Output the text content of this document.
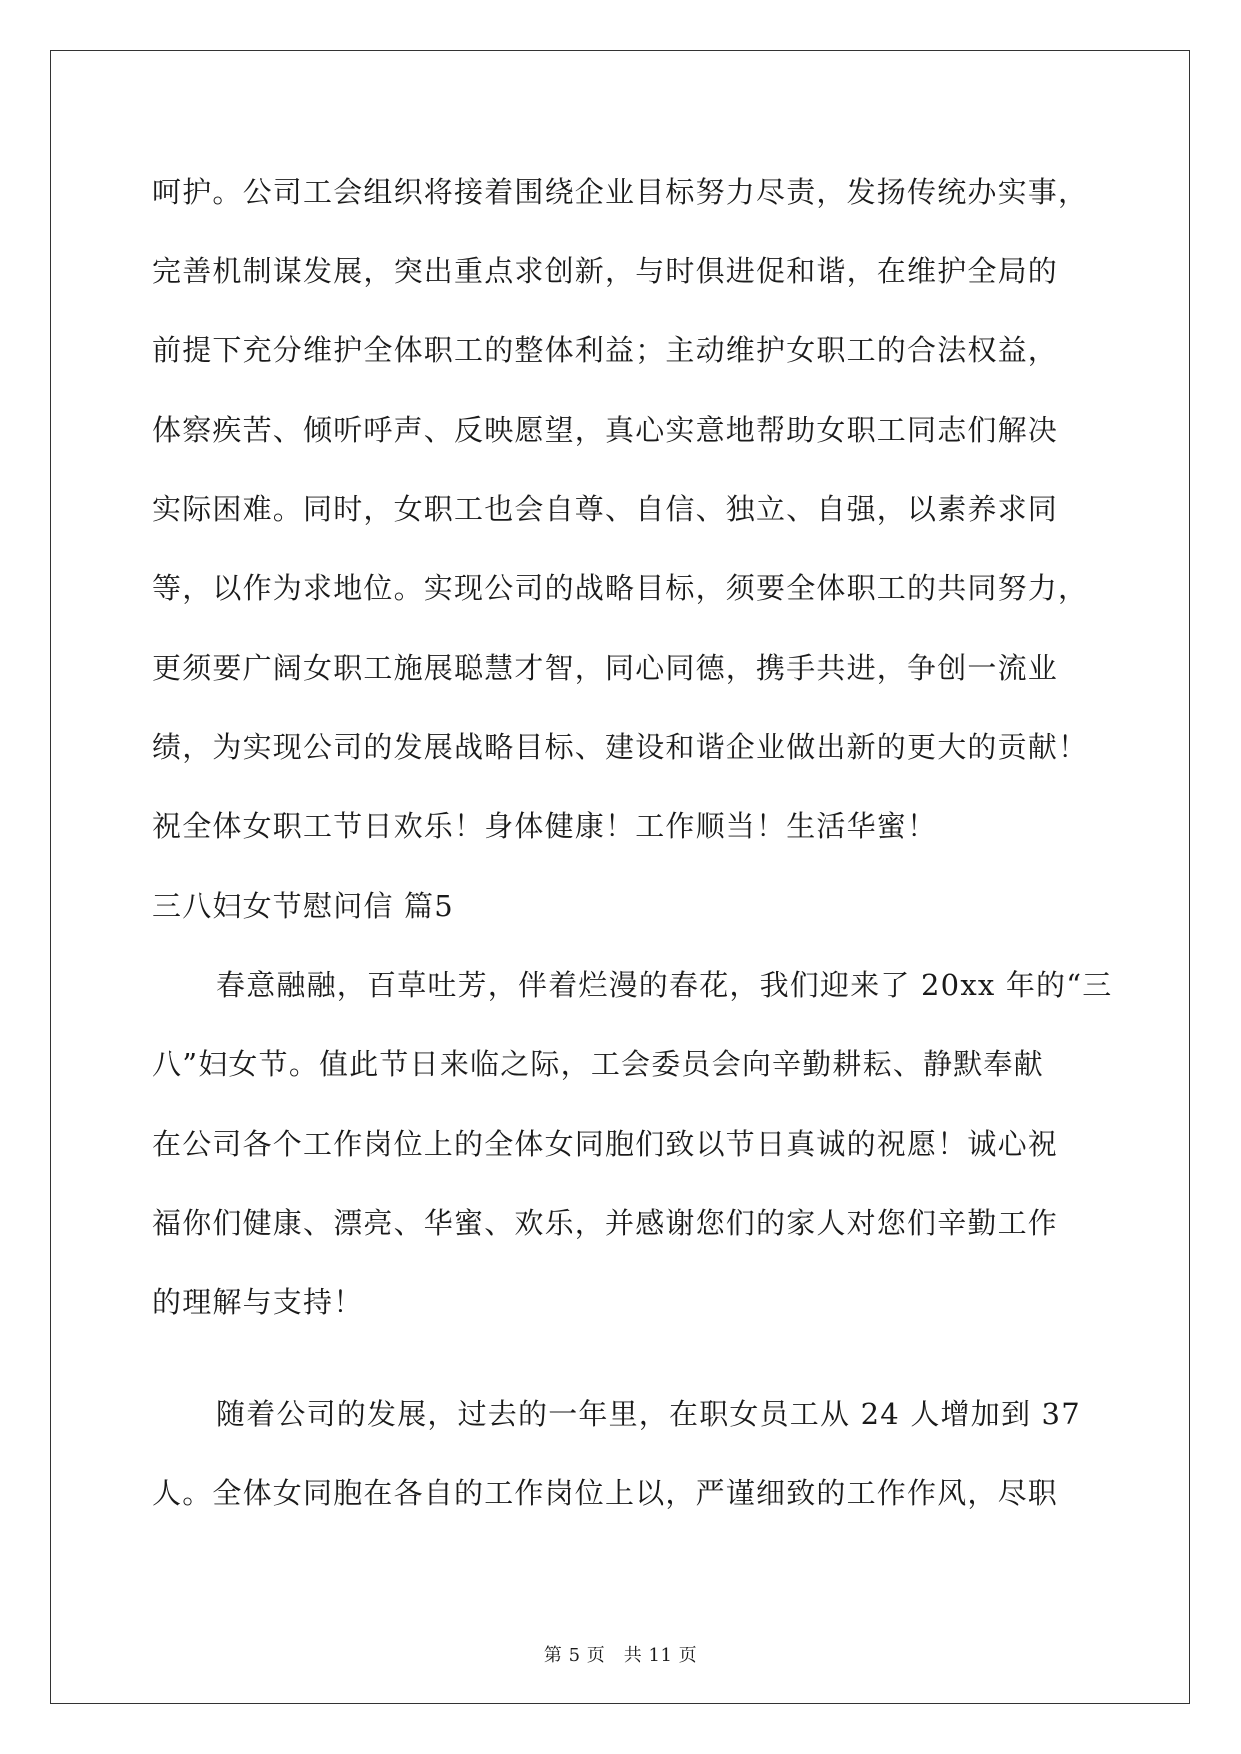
呵护。公司工会组织将接着围绕企业目标努力尽责，发扬传统办实事，
完善机制谋发展，突出重点求创新，与时俱进促和谐，在维护全局的
前提下充分维护全体职工的整体利益；主动维护女职工的合法权益，
体察疾苦、倾听呼声、反映愿望，真心实意地帮助女职工同志们解决
实际困难。同时，女职工也会自尊、自信、独立、自强，以素养求同
等，以作为求地位。实现公司的战略目标，须要全体职工的共同努力，
更须要广阔女职工施展聪慧才智，同心同德，携手共进，争创一流业
绩，为实现公司的发展战略目标、建设和谐企业做出新的更大的贡献！
祝全体女职工节日欢乐！身体健康！工作顺当！生活华蜜！
三八妇女节慰问信 篇5
春意融融，百草吐芳，伴着烂漫的春花，我们迎来了 20xx 年的“三
八”妇女节。值此节日来临之际，工会委员会向辛勤耕耘、静默奉献
在公司各个工作岗位上的全体女同胞们致以节日真诚的祝愿！诚心祝
福你们健康、漂亮、华蜜、欢乐，并感谢您们的家人对您们辛勤工作
的理解与支持！
随着公司的发展，过去的一年里，在职女员工从 24 人增加到 37
人。全体女同胞在各自的工作岗位上以，严谨细致的工作作风，尽职
第 5 页　共 11 页
